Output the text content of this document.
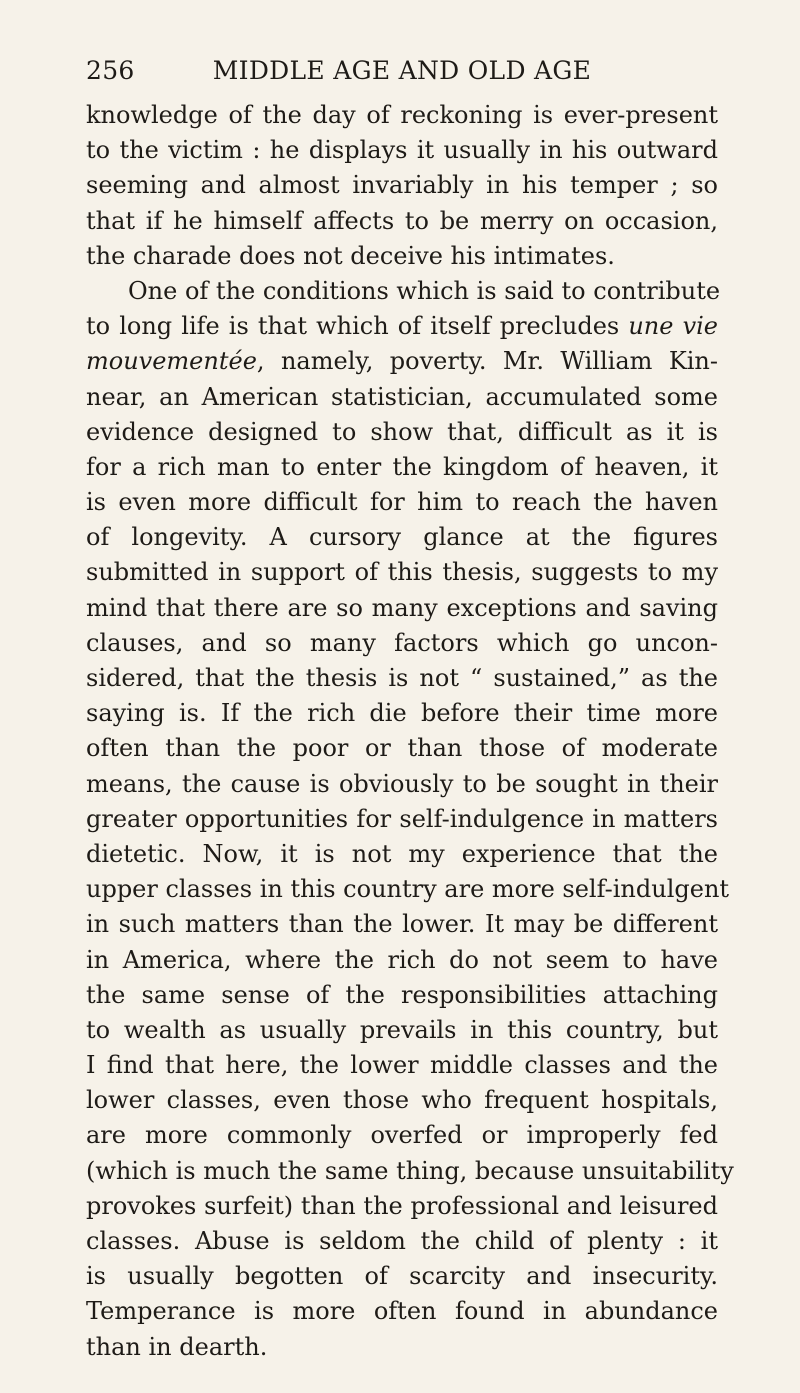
256	MIDDLE AGE AND OLD AGE
knowledge of the day of reckoning is ever-present
to the victim : he displays it usually in his outward
seeming and almost invariably in his temper ; so
that if he himself affects to be merry on occasion,
the charade does not deceive his intimates.
One of the conditions which is said to contribute
to long life is that which of itself precludes une vie
mouvementée, namely, poverty. Mr. William Kin-
near, an American statistician, accumulated some
evidence designed to show that, difficult as it is
for a rich man to enter the kingdom of heaven, it
is even more difficult for him to reach the haven
of longevity. A cursory glance at the figures
submitted in support of this thesis, suggests to my
mind that there are so many exceptions and saving
clauses, and so many factors which go uncon-
sidered, that the thesis is not “ sustained,” as the
saying is. If the rich die before their time more
often than the poor or than those of moderate
means, the cause is obviously to be sought in their
greater opportunities for self-indulgence in matters
dietetic. Now, it is not my experience that the
upper classes in this country are more self-indulgent
in such matters than the lower. It may be different
in America, where the rich do not seem to have
the same sense of the responsibilities attaching
to wealth as usually prevails in this country, but
I find that here, the lower middle classes and the
lower classes, even those who frequent hospitals,
are more commonly overfed or improperly fed
(which is much the same thing, because unsuitability
provokes surfeit) than the professional and leisured
classes. Abuse is seldom the child of plenty : it
is usually begotten of scarcity and insecurity.
Temperance is more often found in abundance
than in dearth.
